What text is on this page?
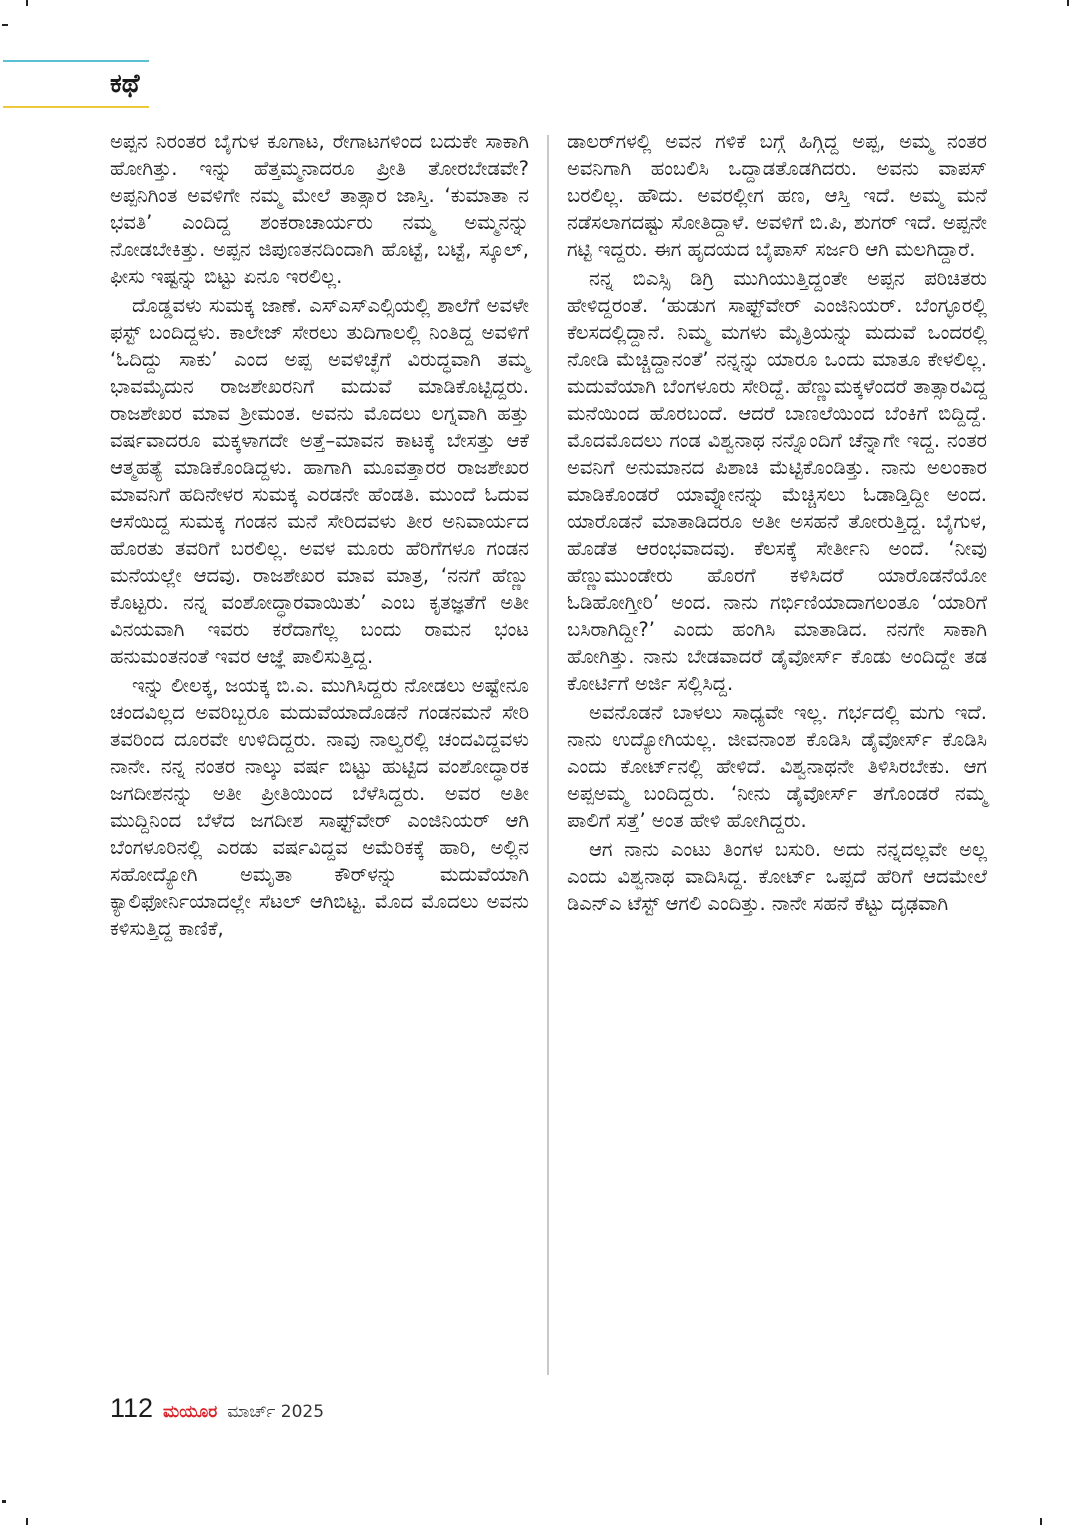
ಕಥೆ

ಅಪ್ಪನ ನಿರಂತರ ಬೈಗುಳ ಕೂಗಾಟ, ರೇಗಾಟಗಳಿಂದ ಬದುಕೇ ಸಾಕಾಗಿ ಹೋಗಿತ್ತು. ಇನ್ನು ಹೆತ್ತಮ್ಮನಾದರೂ ಪ್ರೀತಿ ತೋರಬೇಡವೇ? ಅಪ್ಪನಿಗಿಂತ ಅವಳಿಗೇ ನಮ್ಮ ಮೇಲೆ ತಾತ್ಸಾರ ಜಾಸ್ತಿ. ‘ಕುಮಾತಾ ನ ಭವತಿ’ ಎಂದಿದ್ದ ಶಂಕರಾಚಾರ್ಯರು ನಮ್ಮ ಅಮ್ಮನನ್ನು ನೋಡಬೇಕಿತ್ತು. ಅಪ್ಪನ ಜಿಪುಣತನದಿಂದಾಗಿ ಹೊಟ್ಟೆ, ಬಟ್ಟೆ, ಸ್ಕೂಲ್, ಫೀಸು ಇಷ್ಟನ್ನು ಬಿಟ್ಟು ಏನೂ ಇರಲಿಲ್ಲ.

ದೊಡ್ಡವಳು ಸುಮಕ್ಕ ಜಾಣೆ. ಎಸ್‌ಎಸ್‌ಎಲ್ಸಿಯಲ್ಲಿ ಶಾಲೆಗೆ ಅವಳೇ ಫಸ್ಟ್ ಬಂದಿದ್ದಳು. ಕಾಲೇಜ್ ಸೇರಲು ತುದಿಗಾಲಲ್ಲಿ ನಿಂತಿದ್ದ ಅವಳಿಗೆ ‘ಓದಿದ್ದು ಸಾಕು’ ಎಂದ ಅಪ್ಪ ಅವಳಿಚ್ಛೆಗೆ ವಿರುದ್ಧವಾಗಿ ತಮ್ಮ ಭಾವಮೈದುನ ರಾಜಶೇಖರನಿಗೆ ಮದುವೆ ಮಾಡಿಕೊಟ್ಟಿದ್ದರು. ರಾಜಶೇಖರ ಮಾವ ಶ್ರೀಮಂತ. ಅವನು ಮೊದಲು ಲಗ್ನವಾಗಿ ಹತ್ತು ವರ್ಷವಾದರೂ ಮಕ್ಕಳಾಗದೇ ಅತ್ತೆ–ಮಾವನ ಕಾಟಕ್ಕೆ ಬೇಸತ್ತು ಆಕೆ ಆತ್ಮಹತ್ಯೆ ಮಾಡಿಕೊಂಡಿದ್ದಳು. ಹಾಗಾಗಿ ಮೂವತ್ತಾರರ ರಾಜಶೇಖರ ಮಾವನಿಗೆ ಹದಿನೇಳರ ಸುಮಕ್ಕ ಎರಡನೇ ಹೆಂಡತಿ. ಮುಂದೆ ಓದುವ ಆಸೆಯಿದ್ದ ಸುಮಕ್ಕ ಗಂಡನ ಮನೆ ಸೇರಿದವಳು ತೀರ ಅನಿವಾರ್ಯದ ಹೊರತು ತವರಿಗೆ ಬರಲಿಲ್ಲ. ಅವಳ ಮೂರು ಹೆರಿಗೆಗಳೂ ಗಂಡನ ಮನೆಯಲ್ಲೇ ಆದವು. ರಾಜಶೇಖರ ಮಾವ ಮಾತ್ರ, ‘ನನಗೆ ಹೆಣ್ಣು ಕೊಟ್ಟರು. ನನ್ನ ವಂಶೋದ್ಧಾರವಾಯಿತು’ ಎಂಬ ಕೃತಜ್ಞತೆಗೆ ಅತೀ ವಿನಯವಾಗಿ ಇವರು ಕರೆದಾಗೆಲ್ಲ ಬಂದು ರಾಮನ ಭಂಟ ಹನುಮಂತನಂತೆ ಇವರ ಆಜ್ಞೆ ಪಾಲಿಸುತ್ತಿದ್ದ.

ಇನ್ನು ಲೀಲಕ್ಕ, ಜಯಕ್ಕ ಬಿ.ಎ. ಮುಗಿಸಿದ್ದರು ನೋಡಲು ಅಷ್ಟೇನೂ ಚಂದವಿಲ್ಲದ ಅವರಿಬ್ಬರೂ ಮದುವೆಯಾದೊಡನೆ ಗಂಡನಮನೆ ಸೇರಿ ತವರಿಂದ ದೂರವೇ ಉಳಿದಿದ್ದರು. ನಾವು ನಾಲ್ವರಲ್ಲಿ ಚಂದವಿದ್ದವಳು ನಾನೇ. ನನ್ನ ನಂತರ ನಾಲ್ಕು ವರ್ಷ ಬಿಟ್ಟು ಹುಟ್ಟಿದ ವಂಶೋದ್ಧಾರಕ ಜಗದೀಶನನ್ನು ಅತೀ ಪ್ರೀತಿಯಿಂದ ಬೆಳೆಸಿದ್ದರು. ಅವರ ಅತೀ ಮುದ್ದಿನಿಂದ ಬೆಳೆದ ಜಗದೀಶ ಸಾಫ್ಟ್‌ವೇರ್ ಎಂಜಿನಿಯರ್ ಆಗಿ ಬೆಂಗಳೂರಿನಲ್ಲಿ ಎರಡು ವರ್ಷವಿದ್ದವ ಅಮೆರಿಕಕ್ಕೆ ಹಾರಿ, ಅಲ್ಲಿನ ಸಹೋದ್ಯೋಗಿ ಅಮೃತಾ ಕೌರ್‌ಳನ್ನು ಮದುವೆಯಾಗಿ ಕ್ಯಾಲಿಫೋರ್ನಿಯಾದಲ್ಲೇ ಸೆಟಲ್ ಆಗಿಬಿಟ್ಟ. ಮೊದ ಮೊದಲು ಅವನು ಕಳಿಸುತ್ತಿದ್ದ ಕಾಣಿಕೆ,

ಡಾಲರ್‌ಗಳಲ್ಲಿ ಅವನ ಗಳಿಕೆ ಬಗ್ಗೆ ಹಿಗ್ಗಿದ್ದ ಅಪ್ಪ, ಅಮ್ಮ ನಂತರ ಅವನಿಗಾಗಿ ಹಂಬಲಿಸಿ ಒದ್ದಾಡತೊಡಗಿದರು. ಅವನು ವಾಪಸ್ ಬರಲಿಲ್ಲ. ಹೌದು. ಅವರಲ್ಲೀಗ ಹಣ, ಆಸ್ತಿ ಇದೆ. ಅಮ್ಮ ಮನೆ ನಡೆಸಲಾಗದಷ್ಟು ಸೋತಿದ್ದಾಳೆ. ಅವಳಿಗೆ ಬಿ.ಪಿ, ಶುಗರ್ ಇದೆ. ಅಪ್ಪನೇ ಗಟ್ಟಿ ಇದ್ದರು. ಈಗ ಹೃದಯದ ಬೈಪಾಸ್ ಸರ್ಜರಿ ಆಗಿ ಮಲಗಿದ್ದಾರೆ.

ನನ್ನ ಬಿಎಸ್ಸಿ ಡಿಗ್ರಿ ಮುಗಿಯುತ್ತಿದ್ದಂತೇ ಅಪ್ಪನ ಪರಿಚಿತರು ಹೇಳಿದ್ದರಂತೆ. ‘ಹುಡುಗ ಸಾಫ್ಟ್‌ವೇರ್ ಎಂಜಿನಿಯರ್. ಬೆಂಗ್ಳೂರಲ್ಲಿ ಕೆಲಸದಲ್ಲಿದ್ದಾನೆ. ನಿಮ್ಮ ಮಗಳು ಮೈತ್ರಿಯನ್ನು ಮದುವೆ ಒಂದರಲ್ಲಿ ನೋಡಿ ಮೆಚ್ಚಿದ್ದಾನಂತೆ’ ನನ್ನನ್ನು ಯಾರೂ ಒಂದು ಮಾತೂ ಕೇಳಲಿಲ್ಲ. ಮದುವೆಯಾಗಿ ಬೆಂಗಳೂರು ಸೇರಿದ್ದೆ. ಹೆಣ್ಣುಮಕ್ಕಳೆಂದರೆ ತಾತ್ಸಾರವಿದ್ದ ಮನೆಯಿಂದ ಹೊರಬಂದೆ. ಆದರೆ ಬಾಣಲೆಯಿಂದ ಬೆಂಕಿಗೆ ಬಿದ್ದಿದ್ದೆ. ಮೊದಮೊದಲು ಗಂಡ ವಿಶ್ವನಾಥ ನನ್ನೊಂದಿಗೆ ಚೆನ್ನಾಗೇ ಇದ್ದ. ನಂತರ ಅವನಿಗೆ ಅನುಮಾನದ ಪಿಶಾಚಿ ಮೆಟ್ಟಿಕೊಂಡಿತ್ತು. ನಾನು ಅಲಂಕಾರ ಮಾಡಿಕೊಂಡರೆ ಯಾವ್ನೋನನ್ನು ಮೆಚ್ಚಿಸಲು ಓಡಾಡ್ತಿದ್ದೀ ಅಂದ. ಯಾರೊಡನೆ ಮಾತಾಡಿದರೂ ಅತೀ ಅಸಹನೆ ತೋರುತ್ತಿದ್ದ. ಬೈಗುಳ, ಹೊಡೆತ ಆರಂಭವಾದವು. ಕೆಲಸಕ್ಕೆ ಸೇರ್ತೀನಿ ಅಂದೆ. ‘ನೀವು ಹೆಣ್ಣುಮುಂಡೇರು ಹೊರಗೆ ಕಳಿಸಿದರೆ ಯಾರೊಡನೆಯೋ ಓಡಿಹೋಗ್ತೀರಿ’ ಅಂದ. ನಾನು ಗರ್ಭಿಣಿಯಾದಾಗಲಂತೂ ‘ಯಾರಿಗೆ ಬಸಿರಾಗಿದ್ದೀ?’ ಎಂದು ಹಂಗಿಸಿ ಮಾತಾಡಿದ. ನನಗೇ ಸಾಕಾಗಿ ಹೋಗಿತ್ತು. ನಾನು ಬೇಡವಾದರೆ ಡೈವೋರ್ಸ್ ಕೊಡು ಅಂದಿದ್ದೇ ತಡ ಕೋರ್ಟಿಗೆ ಅರ್ಜಿ ಸಲ್ಲಿಸಿದ್ದ.

ಅವನೊಡನೆ ಬಾಳಲು ಸಾಧ್ಯವೇ ಇಲ್ಲ. ಗರ್ಭದಲ್ಲಿ ಮಗು ಇದೆ. ನಾನು ಉದ್ಯೋಗಿಯಲ್ಲ. ಜೀವನಾಂಶ ಕೊಡಿಸಿ ಡೈವೋರ್ಸ್ ಕೊಡಿಸಿ ಎಂದು ಕೋರ್ಟ್‌ನಲ್ಲಿ ಹೇಳಿದೆ. ವಿಶ್ವನಾಥನೇ ತಿಳಿಸಿರಬೇಕು. ಆಗ ಅಪ್ಪಅಮ್ಮ ಬಂದಿದ್ದರು. ‘ನೀನು ಡೈವೋರ್ಸ್ ತಗೊಂಡರೆ ನಮ್ಮ ಪಾಲಿಗೆ ಸತ್ತೆ’ ಅಂತ ಹೇಳಿ ಹೋಗಿದ್ದರು.

ಆಗ ನಾನು ಎಂಟು ತಿಂಗಳ ಬಸುರಿ. ಅದು ನನ್ನದಲ್ಲವೇ ಅಲ್ಲ ಎಂದು ವಿಶ್ವನಾಥ ವಾದಿಸಿದ್ದ. ಕೋರ್ಟ್ ಒಪ್ಪದೆ ಹೆರಿಗೆ ಆದಮೇಲೆ ಡಿಎನ್‌ಎ ಟೆಸ್ಟ್ ಆಗಲಿ ಎಂದಿತ್ತು. ನಾನೇ ಸಹನೆ ಕೆಟ್ಟು ದೃಢವಾಗಿ

112 ಮಯೂರ ಮಾರ್ಚ್ 2025
